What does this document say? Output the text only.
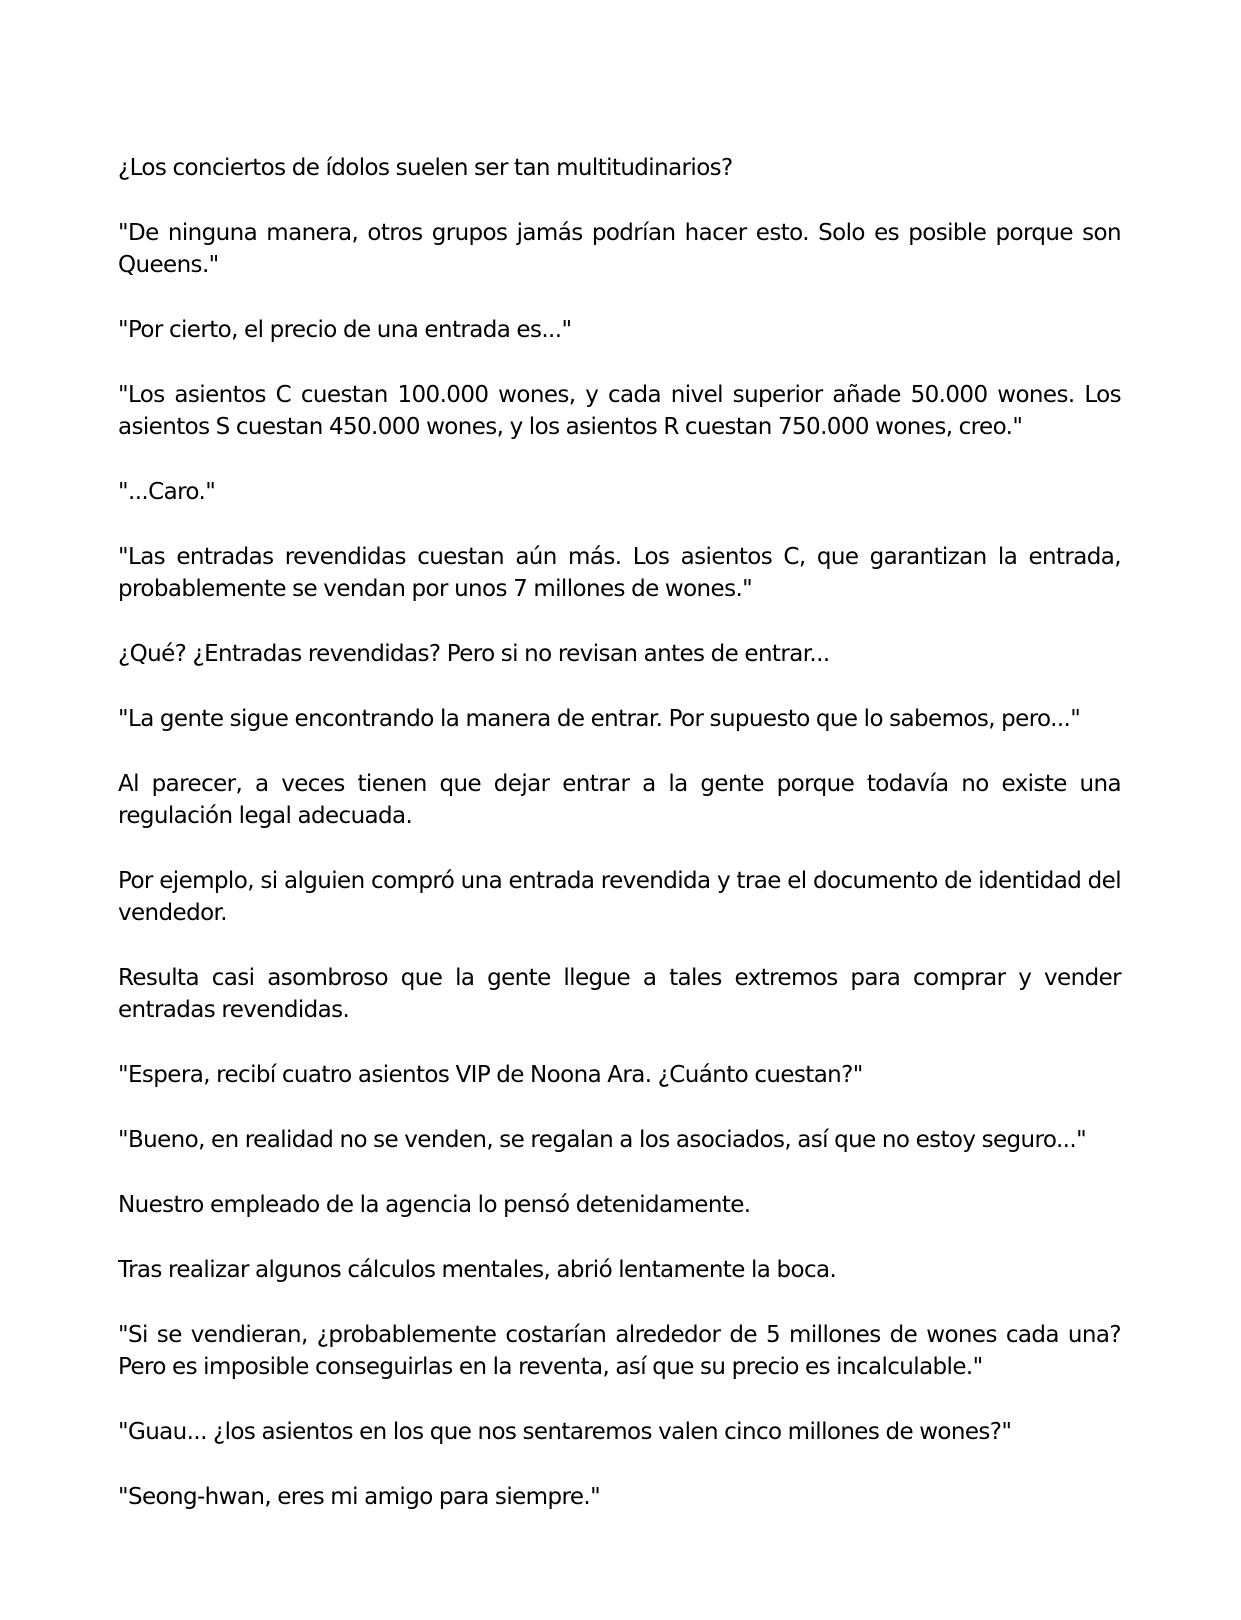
¿Los conciertos de ídolos suelen ser tan multitudinarios?

"De ninguna manera, otros grupos jamás podrían hacer esto. Solo es posible porque son Queens."

"Por cierto, el precio de una entrada es..."

"Los asientos C cuestan 100.000 wones, y cada nivel superior añade 50.000 wones. Los asientos S cuestan 450.000 wones, y los asientos R cuestan 750.000 wones, creo."

"...Caro."

"Las entradas revendidas cuestan aún más. Los asientos C, que garantizan la entrada, probablemente se vendan por unos 7 millones de wones."

¿Qué? ¿Entradas revendidas? Pero si no revisan antes de entrar...

"La gente sigue encontrando la manera de entrar. Por supuesto que lo sabemos, pero..."

Al parecer, a veces tienen que dejar entrar a la gente porque todavía no existe una regulación legal adecuada.

Por ejemplo, si alguien compró una entrada revendida y trae el documento de identidad del vendedor.

Resulta casi asombroso que la gente llegue a tales extremos para comprar y vender entradas revendidas.

"Espera, recibí cuatro asientos VIP de Noona Ara. ¿Cuánto cuestan?"

"Bueno, en realidad no se venden, se regalan a los asociados, así que no estoy seguro..."

Nuestro empleado de la agencia lo pensó detenidamente.

Tras realizar algunos cálculos mentales, abrió lentamente la boca.

"Si se vendieran, ¿probablemente costarían alrededor de 5 millones de wones cada una? Pero es imposible conseguirlas en la reventa, así que su precio es incalculable."

"Guau... ¿los asientos en los que nos sentaremos valen cinco millones de wones?"

"Seong-hwan, eres mi amigo para siempre."
